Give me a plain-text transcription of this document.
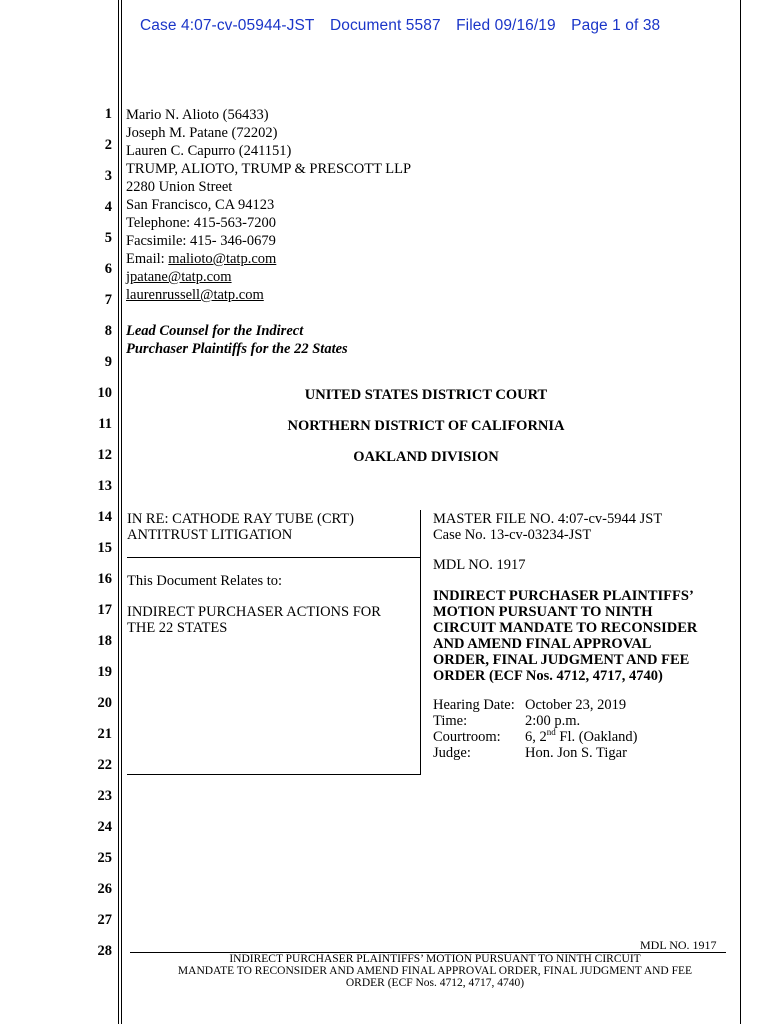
Case 4:07-cv-05944-JST Document 5587 Filed 09/16/19 Page 1 of 38
1
2
3
4
5
6
7
8
9
10
11
12
13
14
15
16
17
18
19
20
21
22
23
24
25
26
27
28
Mario N. Alioto (56433)
Joseph M. Patane (72202)
Lauren C. Capurro (241151)
TRUMP, ALIOTO, TRUMP & PRESCOTT LLP
2280 Union Street
San Francisco, CA 94123
Telephone: 415-563-7200
Facsimile: 415- 346-0679
Email: malioto@tatp.com
jpatane@tatp.com
laurenrussell@tatp.com
Lead Counsel for the Indirect
Purchaser Plaintiffs for the 22 States
UNITED STATES DISTRICT COURT
NORTHERN DISTRICT OF CALIFORNIA
OAKLAND DIVISION
IN RE: CATHODE RAY TUBE (CRT)
ANTITRUST LITIGATION
This Document Relates to:
INDIRECT PURCHASER ACTIONS FOR
THE 22 STATES
MASTER FILE NO. 4:07-cv-5944 JST
Case No. 13-cv-03234-JST
MDL NO. 1917
INDIRECT PURCHASER PLAINTIFFS’
MOTION PURSUANT TO NINTH
CIRCUIT MANDATE TO RECONSIDER
AND AMEND FINAL APPROVAL
ORDER, FINAL JUDGMENT AND FEE
ORDER (ECF Nos. 4712, 4717, 4740)
Hearing Date:	October 23, 2019
Time:	2:00 p.m.
Courtroom:	6, 2nd Fl. (Oakland)
Judge:	Hon. Jon S. Tigar
MDL NO. 1917
INDIRECT PURCHASER PLAINTIFFS’ MOTION PURSUANT TO NINTH CIRCUIT
MANDATE TO RECONSIDER AND AMEND FINAL APPROVAL ORDER, FINAL JUDGMENT AND FEE
ORDER (ECF Nos. 4712, 4717, 4740)
